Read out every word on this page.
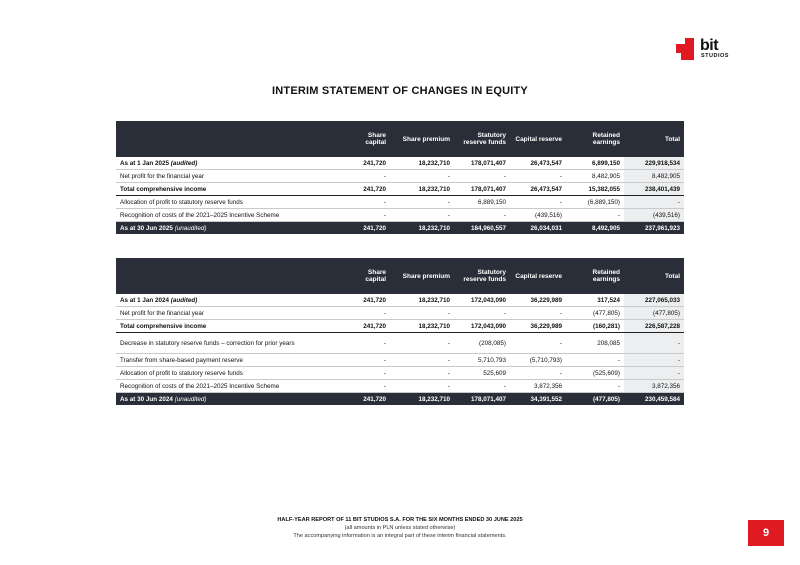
bit
STUDIOS
INTERIM STATEMENT OF CHANGES IN EQUITY
	Share capital	Share premium	Statutory reserve funds	Capital reserve	Retained earnings	Total
As at 1 Jan 2025 (audited)	241,720	18,232,710	178,071,407	26,473,547	6,899,150	229,918,534
Net profit for the financial year	-	-	-	-	8,482,905	8,482,905
Total comprehensive income	241,720	18,232,710	178,071,407	26,473,547	15,382,055	238,401,439
Allocation of profit to statutory reserve funds	-	-	6,889,150	-	(6,889,150)	-
Recognition of costs of the 2021–2025 Incentive Scheme	-	-	-	(439,516)	-	(439,516)
As at 30 Jun 2025 (unaudited)	241,720	18,232,710	184,960,557	26,034,031	8,492,905	237,961,923
	Share capital	Share premium	Statutory reserve funds	Capital reserve	Retained earnings	Total
As at 1 Jan 2024 (audited)	241,720	18,232,710	172,043,090	36,229,989	317,524	227,065,033
Net profit for the financial year	-	-	-	-	(477,805)	(477,805)
Total comprehensive income	241,720	18,232,710	172,043,090	36,229,989	(160,281)	226,587,228
Decrease in statutory reserve funds – correction for prior years	-	-	(208,085)	-	208,085	-
Transfer from share-based payment reserve	-	-	5,710,793	(5,710,793)	-	-
Allocation of profit to statutory reserve funds	-	-	525,609	-	(525,609)	-
Recognition of costs of the 2021–2025 Incentive Scheme	-	-	-	3,872,356	-	3,872,356
As at 30 Jun 2024 (unaudited)	241,720	18,232,710	178,071,407	34,391,552	(477,805)	230,459,584
HALF-YEAR REPORT OF 11 BIT STUDIOS S.A. FOR THE SIX MONTHS ENDED 30 JUNE 2025
(all amounts in PLN unless stated otherwise)
The accompanying information is an integral part of these interim financial statements.	9
